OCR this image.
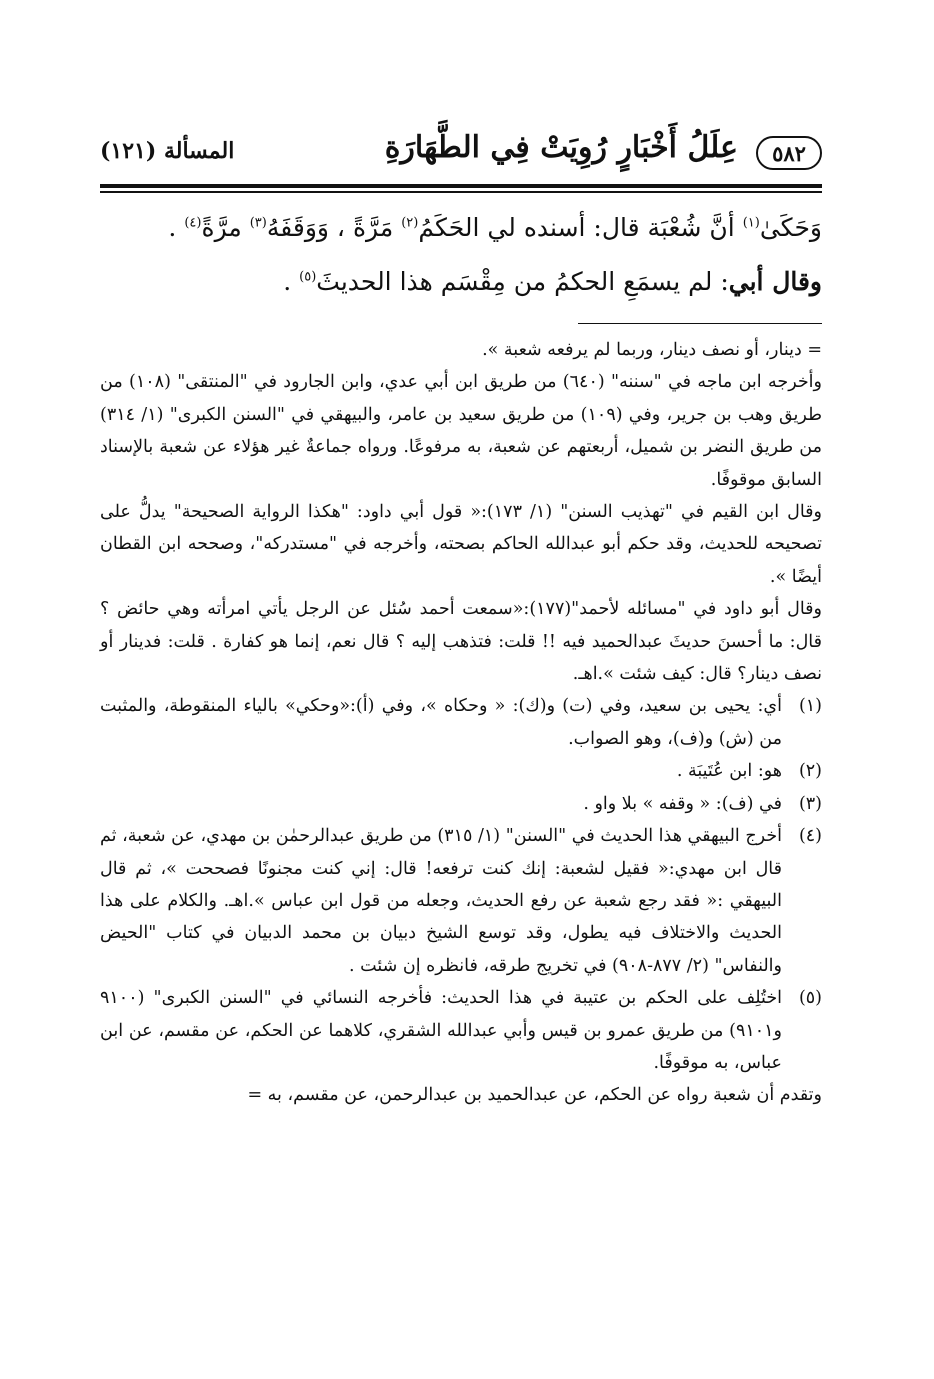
٥٨٢
عِلَلُ أَخْبَارٍ رُوِيَتْ فِي الطَّهَارَةِ
المسألة (١٢١)

وَحَكَىٰ$^{(١)}$ أنَّ شُعْبَة قال: أسنده لي الحَكَمُ$^{(٢)}$ مَرَّةً ، وَوَقَفَهُ$^{(٣)}$ مرَّةً$^{(٤)}$ .

وقال أبي: لم يسمَعِ الحكمُ من مِقْسَم هذا الحديثَ$^{(٥)}$ .

= دينار، أو نصف دينار، وربما لم يرفعه شعبة ».

وأخرجه ابن ماجه في "سننه" (٦٤٠) من طريق ابن أبي عدي، وابن الجارود في "المنتقى" (١٠٨) من طريق وهب بن جرير، وفي (١٠٩) من طريق سعيد بن عامر، والبيهقي في "السنن الكبرى" (١/ ٣١٤) من طريق النضر بن شميل، أربعتهم عن شعبة، به مرفوعًا. ورواه جماعةٌ غير هؤلاء عن شعبة بالإسناد السابق موقوفًا.

وقال ابن القيم في "تهذيب السنن" (١/ ١٧٣):« قول أبي داود: "هكذا الرواية الصحيحة" يدلُّ على تصحيحه للحديث، وقد حكم أبو عبدالله الحاكم بصحته، وأخرجه في "مستدركه"، وصححه ابن القطان أيضًا ».

وقال أبو داود في "مسائله لأحمد"(١٧٧):«سمعت أحمد سُئل عن الرجل يأتي امرأته وهي حائض ؟ قال: ما أحسنَ حديثَ عبدالحميد فيه !! قلت: فتذهب إليه ؟ قال نعم، إنما هو كفارة . قلت: فدينار أو نصف دينار؟ قال: كيف شئت ».اهـ.

(١)
أي: يحيى بن سعيد، وفي (ت) و(ك): « وحكاه »، وفي (أ):«وحكي» بالياء المنقوطة، والمثبت من (ش) و(ف)، وهو الصواب.
(٢)
هو: ابن عُتَيبَة .
(٣)
في (ف): « وقفه » بلا واو .
(٤)
أخرج البيهقي هذا الحديث في "السنن" (١/ ٣١٥) من طريق عبدالرحمٰن بن مهدي، عن شعبة، ثم قال ابن مهدي:« فقيل لشعبة: إنك كنت ترفعه! قال: إني كنت مجنونًا فصححت »، ثم قال البيهقي :« فقد رجع شعبة عن رفع الحديث، وجعله من قول ابن عباس ».اهـ. والكلام على هذا الحديث والاختلاف فيه يطول، وقد توسع الشيخ دبيان بن محمد الدبيان في كتاب "الحيض والنفاس" (٢/ ٨٧٧-٩٠٨) في تخريج طرقه، فانظره إن شئت .
(٥)
اختُلِف على الحكم بن عتيبة في هذا الحديث: فأخرجه النسائي في "السنن الكبرى" (٩١٠٠ و٩١٠١) من طريق عمرو بن قيس وأبي عبدالله الشقري، كلاهما عن الحكم، عن مقسم، عن ابن عباس، به موقوفًا.

وتقدم أن شعبة رواه عن الحكم، عن عبدالحميد بن عبدالرحمن، عن مقسم، به =
